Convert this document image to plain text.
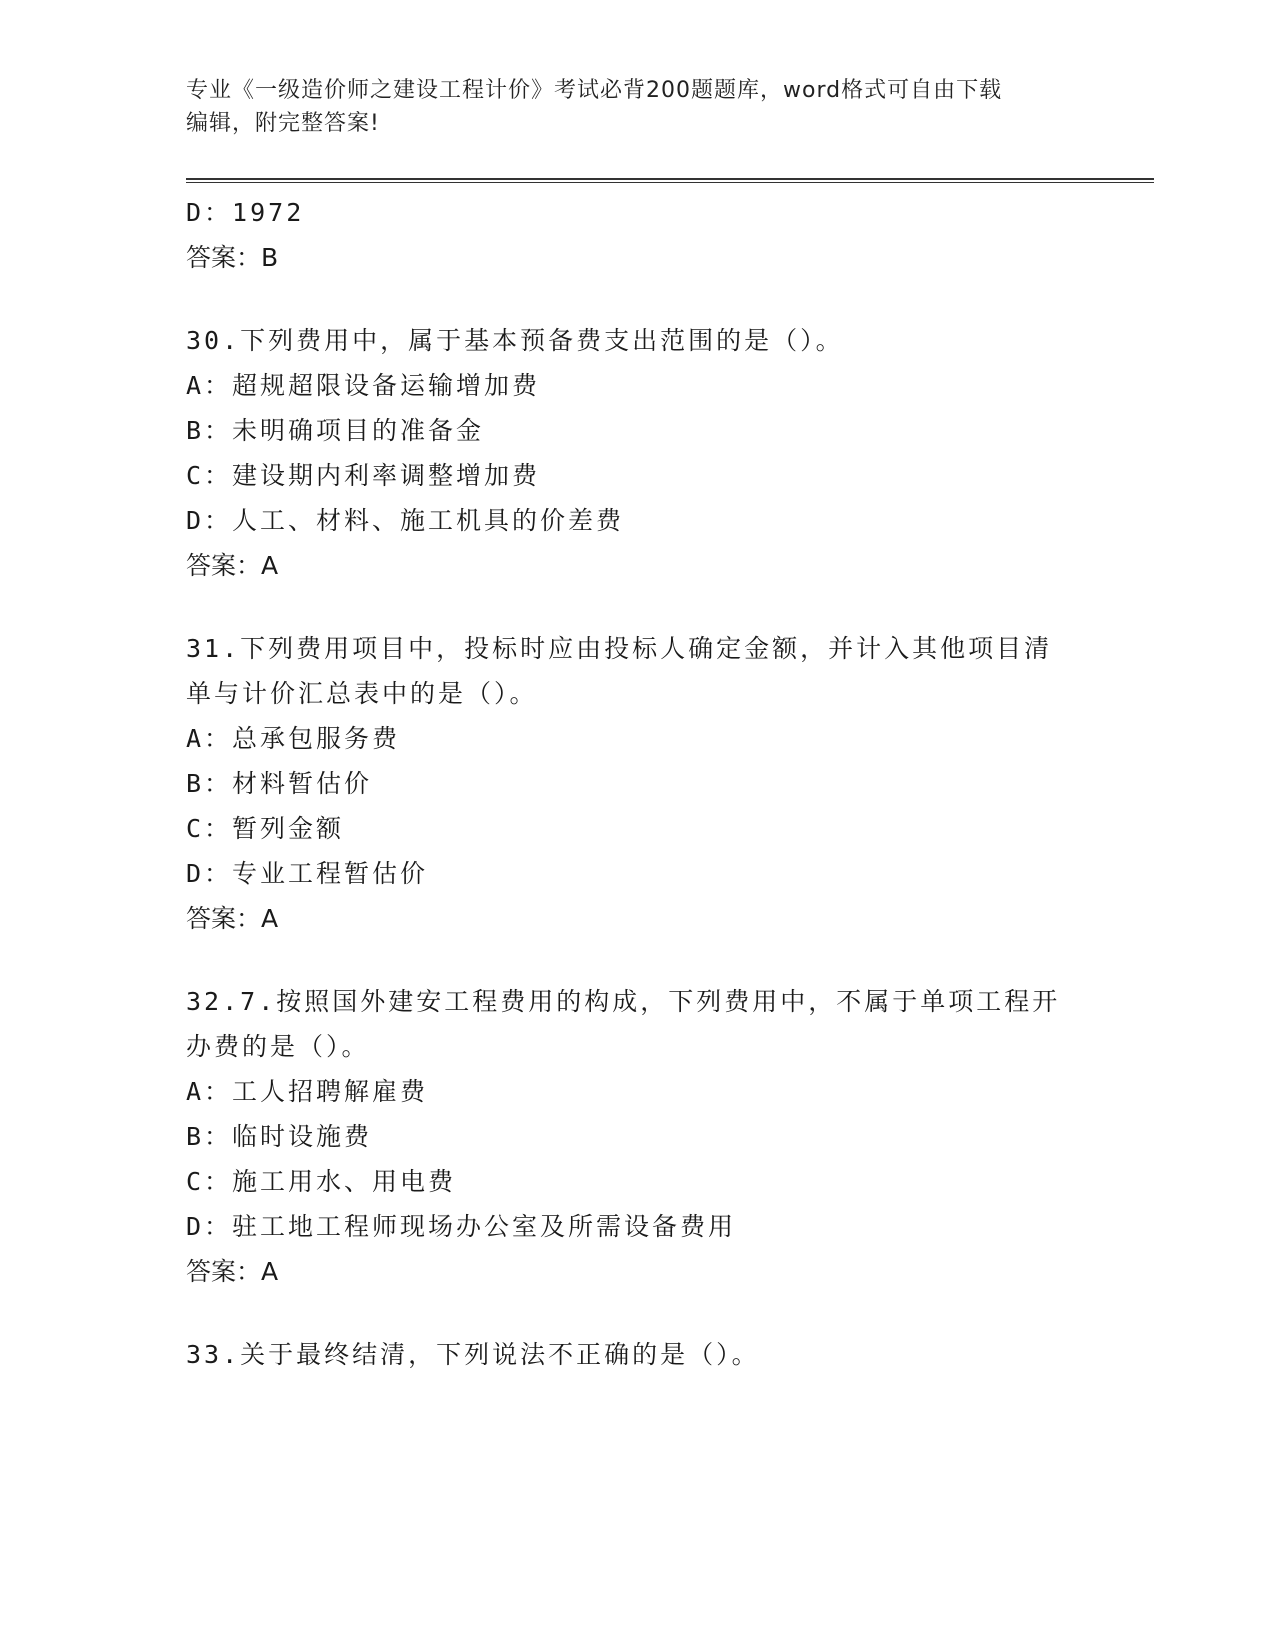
专业《一级造价师之建设工程计价》考试必背200题题库，word格式可自由下载
编辑，附完整答案!
D：1972
答案：B
30.下列费用中，属于基本预备费支出范围的是（）。
A：超规超限设备运输增加费
B：未明确项目的准备金
C：建设期内利率调整增加费
D：人工、材料、施工机具的价差费
答案：A
31.下列费用项目中，投标时应由投标人确定金额，并计入其他项目清
单与计价汇总表中的是（）。
A：总承包服务费
B：材料暂估价
C：暂列金额
D：专业工程暂估价
答案：A
32.7.按照国外建安工程费用的构成，下列费用中，不属于单项工程开
办费的是（）。
A：工人招聘解雇费
B：临时设施费
C：施工用水、用电费
D：驻工地工程师现场办公室及所需设备费用
答案：A
33.关于最终结清，下列说法不正确的是（）。
